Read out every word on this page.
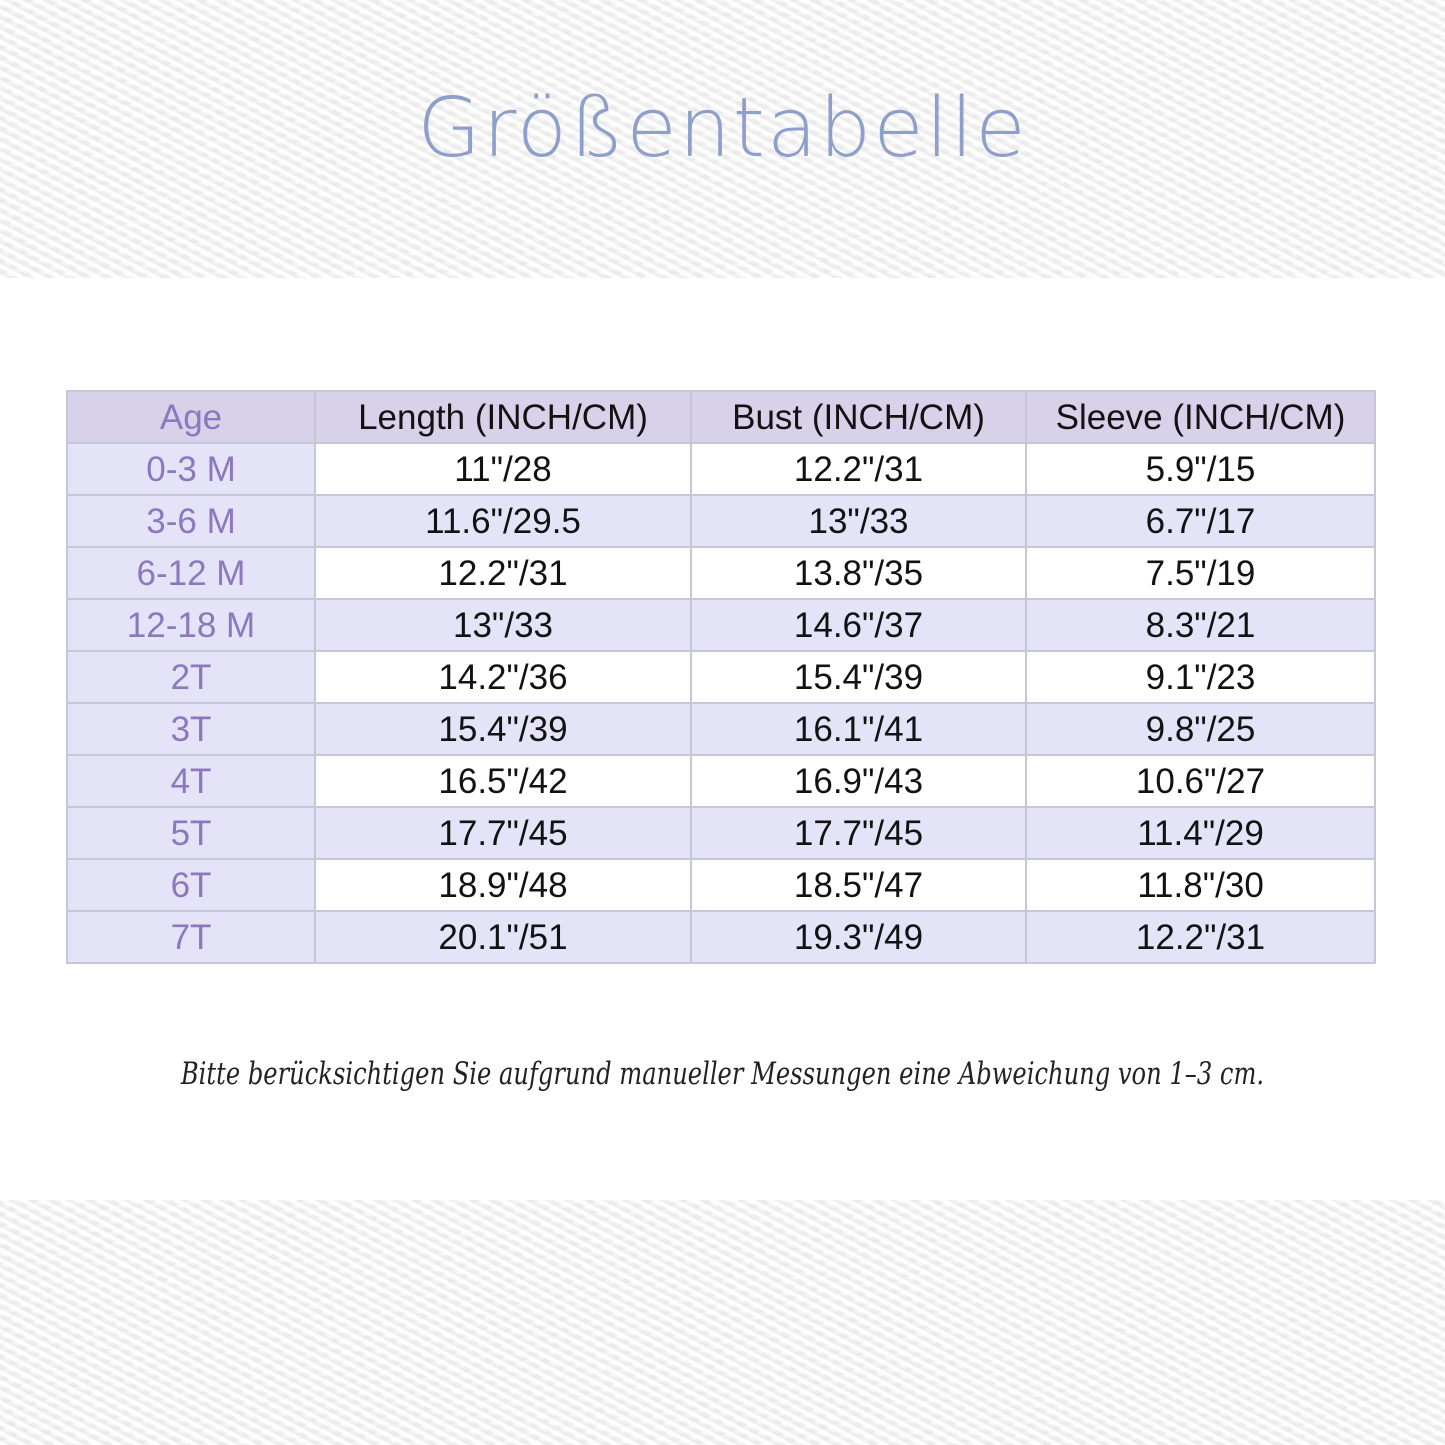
Größentabelle
Age	Length (INCH/CM)	Bust (INCH/CM)	Sleeve (INCH/CM)
0-3 M	11"/28	12.2"/31	5.9"/15
3-6 M	11.6"/29.5	13"/33	6.7"/17
6-12 M	12.2"/31	13.8"/35	7.5"/19
12-18 M	13"/33	14.6"/37	8.3"/21
2T	14.2"/36	15.4"/39	9.1"/23
3T	15.4"/39	16.1"/41	9.8"/25
4T	16.5"/42	16.9"/43	10.6"/27
5T	17.7"/45	17.7"/45	11.4"/29
6T	18.9"/48	18.5"/47	11.8"/30
7T	20.1"/51	19.3"/49	12.2"/31
Bitte berücksichtigen Sie aufgrund manueller Messungen eine Abweichung von 1–3 cm.
